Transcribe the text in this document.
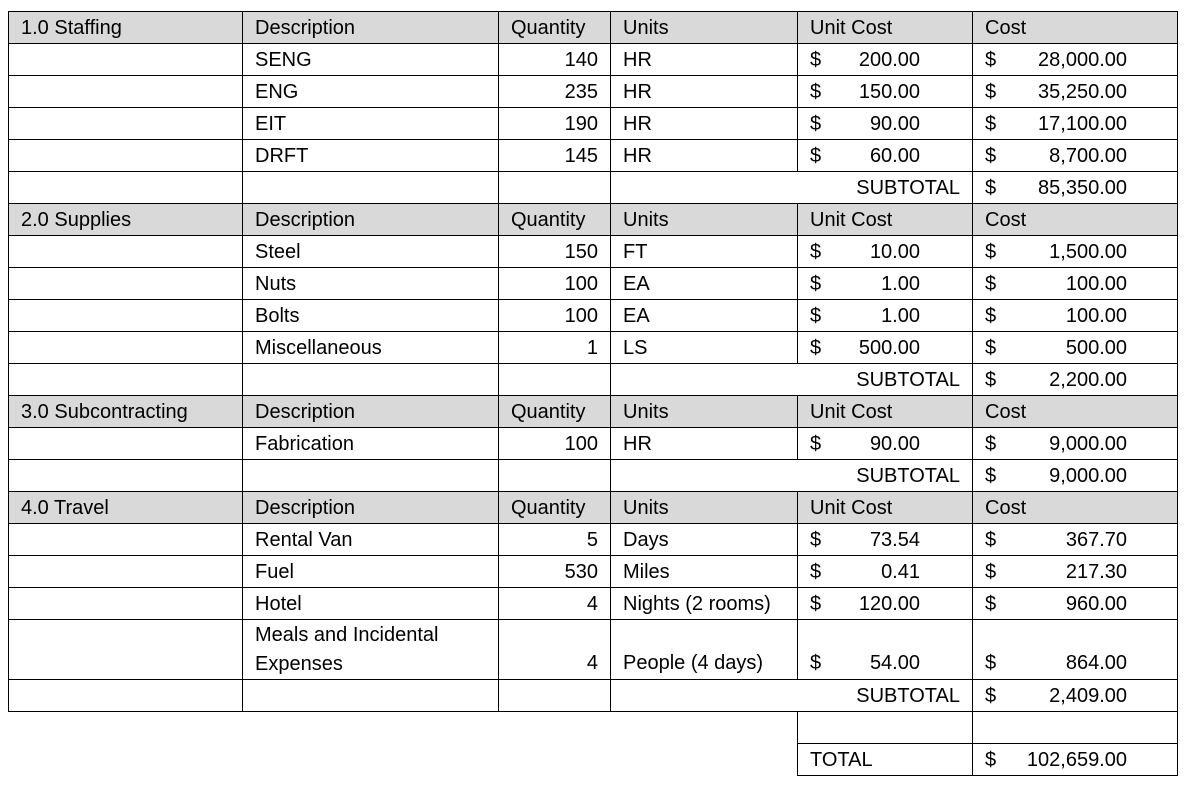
1.0 Staffing	Description	Quantity	Units	Unit Cost	Cost
	SENG	140	HR	$ 200.00	$ 28,000.00
	ENG	235	HR	$ 150.00	$ 35,250.00
	EIT	190	HR	$ 90.00	$ 17,100.00
	DRFT	145	HR	$ 60.00	$ 8,700.00
			SUBTOTAL		$ 85,350.00
2.0 Supplies	Description	Quantity	Units	Unit Cost	Cost
	Steel	150	FT	$ 10.00	$ 1,500.00
	Nuts	100	EA	$ 1.00	$ 100.00
	Bolts	100	EA	$ 1.00	$ 100.00
	Miscellaneous	1	LS	$ 500.00	$ 500.00
			SUBTOTAL		$ 2,200.00
3.0 Subcontracting	Description	Quantity	Units	Unit Cost	Cost
	Fabrication	100	HR	$ 90.00	$ 9,000.00
			SUBTOTAL		$ 9,000.00
4.0 Travel	Description	Quantity	Units	Unit Cost	Cost
	Rental Van	5	Days	$ 73.54	$ 367.70
	Fuel	530	Miles	$ 0.41	$ 217.30
	Hotel	4	Nights (2 rooms)	$ 120.00	$ 960.00
	Meals and Incidental Expenses	4	People (4 days)	$ 54.00	$ 864.00
			SUBTOTAL		$ 2,409.00

				TOTAL	$ 102,659.00
